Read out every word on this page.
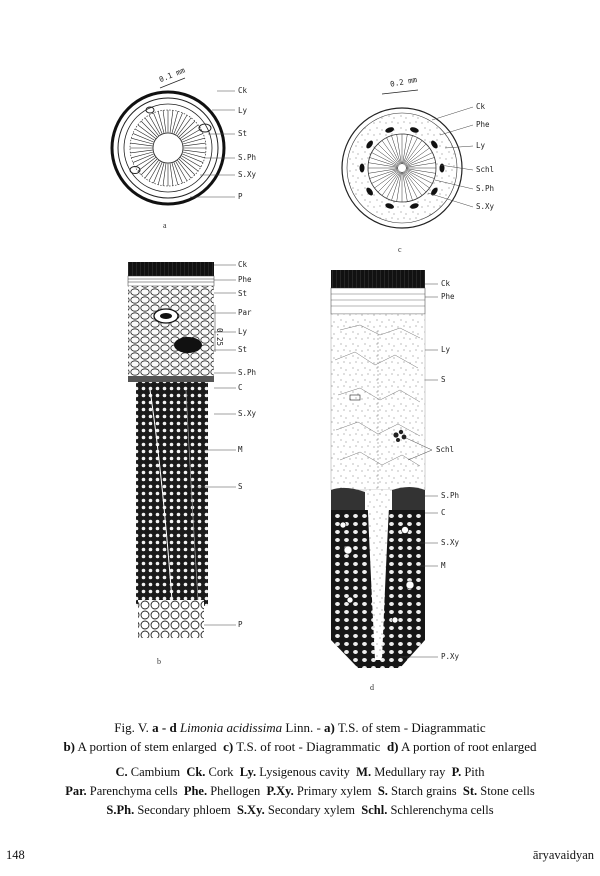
0.1 mm
Ck
Ly
St
S.Ph
S.Xy
P
a
0.2 mm
Ck
Phe
Ly
Schl
S.Ph
S.Xy
c
0.25
Ck
Phe
St
Par
Ly
St
S.Ph
C
S.Xy
M
S
P
b
Ck
Phe
Ly
S
Schl
S.Ph
C
S.Xy
M
P.Xy
d
Fig. V. a - d Limonia acidissima Linn. - a) T.S. of stem - Diagrammatic
b) A portion of stem enlarged  c) T.S. of root - Diagrammatic  d) A portion of root enlarged
C. Cambium  Ck. Cork  Ly. Lysigenous cavity  M. Medullary ray  P. Pith
Par. Parenchyma cells  Phe. Phellogen  P.Xy. Primary xylem  S. Starch grains  St. Stone cells
S.Ph. Secondary phloem  S.Xy. Secondary xylem  Schl. Schlerenchyma cells
148	āryavaidyan
